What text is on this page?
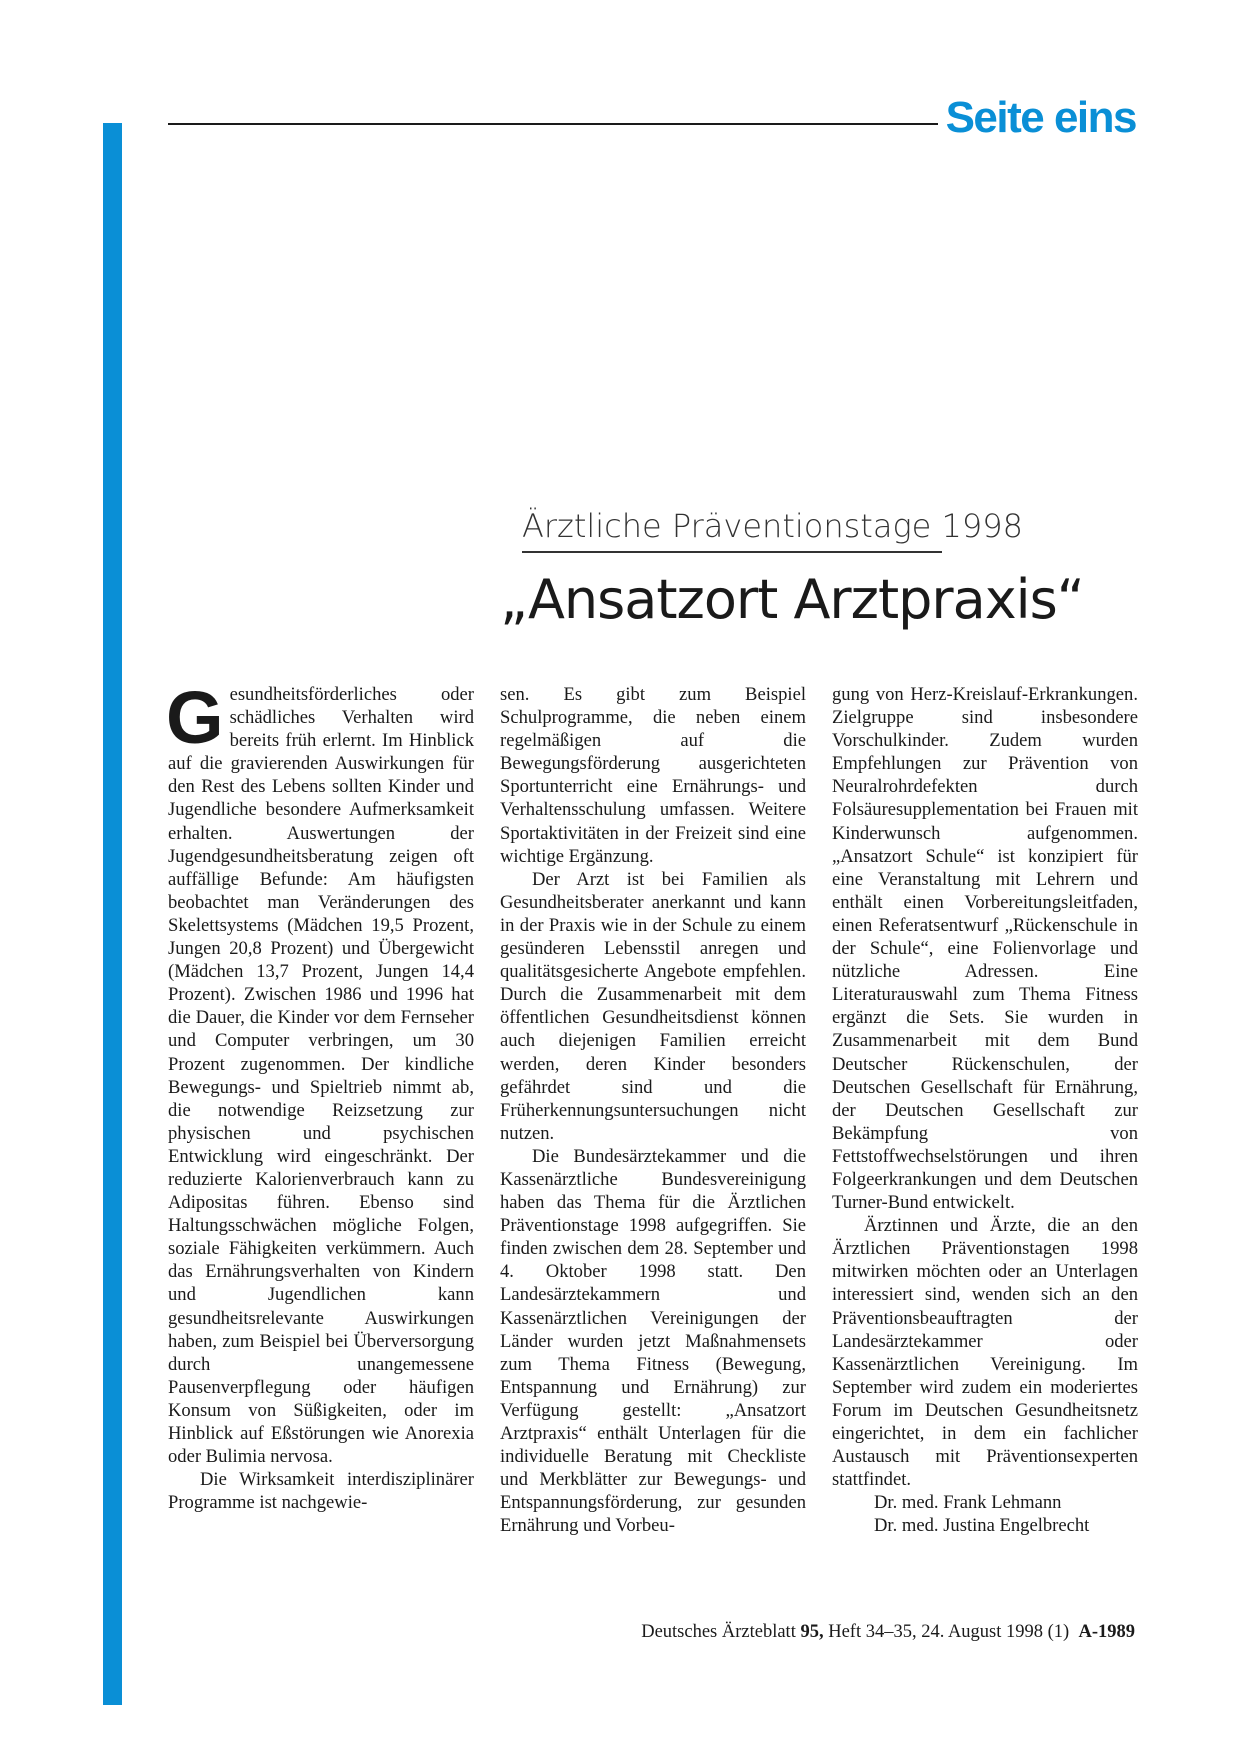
Seite eins
Ärztliche Präventionstage 1998
„Ansatzort Arztpraxis“

Gesundheitsförderliches oder schädliches Verhalten wird bereits früh erlernt. Im Hinblick auf die gravierenden Auswirkungen für den Rest des Lebens sollten Kinder und Jugendliche besondere Aufmerksamkeit erhalten. Auswertungen der Jugendgesundheitsberatung zeigen oft auffällige Befunde: Am häufigsten beobachtet man Veränderungen des Skelettsystems (Mädchen 19,5 Prozent, Jungen 20,8 Prozent) und Übergewicht (Mädchen 13,7 Prozent, Jungen 14,4 Prozent). Zwischen 1986 und 1996 hat die Dauer, die Kinder vor dem Fernseher und Computer verbringen, um 30 Prozent zugenommen. Der kindliche Bewegungs- und Spieltrieb nimmt ab, die notwendige Reizsetzung zur physischen und psychischen Entwicklung wird eingeschränkt. Der reduzierte Kalorienverbrauch kann zu Adipositas führen. Ebenso sind Haltungsschwächen mögliche Folgen, soziale Fähigkeiten verkümmern. Auch das Ernährungsverhalten von Kindern und Jugendlichen kann gesundheitsrelevante Auswirkungen haben, zum Beispiel bei Überversorgung durch unangemessene Pausenverpflegung oder häufigen Konsum von Süßigkeiten, oder im Hinblick auf Eßstörungen wie Anorexia oder Bulimia nervosa.

Die Wirksamkeit interdisziplinärer Programme ist nachgewie-

sen. Es gibt zum Beispiel Schulprogramme, die neben einem regelmäßigen auf die Bewegungsförderung ausgerichteten Sportunterricht eine Ernährungs- und Verhaltensschulung umfassen. Weitere Sportaktivitäten in der Freizeit sind eine wichtige Ergänzung.

Der Arzt ist bei Familien als Gesundheitsberater anerkannt und kann in der Praxis wie in der Schule zu einem gesünderen Lebensstil anregen und qualitätsgesicherte Angebote empfehlen. Durch die Zusammenarbeit mit dem öffentlichen Gesundheitsdienst können auch diejenigen Familien erreicht werden, deren Kinder besonders gefährdet sind und die Früherkennungsuntersuchungen nicht nutzen.

Die Bundesärztekammer und die Kassenärztliche Bundesvereinigung haben das Thema für die Ärztlichen Präventionstage 1998 aufgegriffen. Sie finden zwischen dem 28. September und 4. Oktober 1998 statt. Den Landesärztekammern und Kassenärztlichen Vereinigungen der Länder wurden jetzt Maßnahmensets zum Thema Fitness (Bewegung, Entspannung und Ernährung) zur Verfügung gestellt: „Ansatzort Arztpraxis“ enthält Unterlagen für die individuelle Beratung mit Checkliste und Merkblätter zur Bewegungs- und Entspannungsförderung, zur gesunden Ernährung und Vorbeu-

gung von Herz-Kreislauf-Erkrankungen. Zielgruppe sind insbesondere Vorschulkinder. Zudem wurden Empfehlungen zur Prävention von Neuralrohrdefekten durch Folsäuresupplementation bei Frauen mit Kinderwunsch aufgenommen. „Ansatzort Schule“ ist konzipiert für eine Veranstaltung mit Lehrern und enthält einen Vorbereitungsleitfaden, einen Referatsentwurf „Rückenschule in der Schule“, eine Folienvorlage und nützliche Adressen. Eine Literaturauswahl zum Thema Fitness ergänzt die Sets. Sie wurden in Zusammenarbeit mit dem Bund Deutscher Rückenschulen, der Deutschen Gesellschaft für Ernährung, der Deutschen Gesellschaft zur Bekämpfung von Fettstoffwechselstörungen und ihren Folgeerkrankungen und dem Deutschen Turner-Bund entwickelt.

Ärztinnen und Ärzte, die an den Ärztlichen Präventionstagen 1998 mitwirken möchten oder an Unterlagen interessiert sind, wenden sich an den Präventionsbeauftragten der Landesärztekammer oder Kassenärztlichen Vereinigung. Im September wird zudem ein moderiertes Forum im Deutschen Gesundheitsnetz eingerichtet, in dem ein fachlicher Austausch mit Präventionsexperten stattfindet.

Dr. med. Frank Lehmann

Dr. med. Justina Engelbrecht

Deutsches Ärzteblatt 95, Heft 34–35, 24. August 1998 (1) A-1989
